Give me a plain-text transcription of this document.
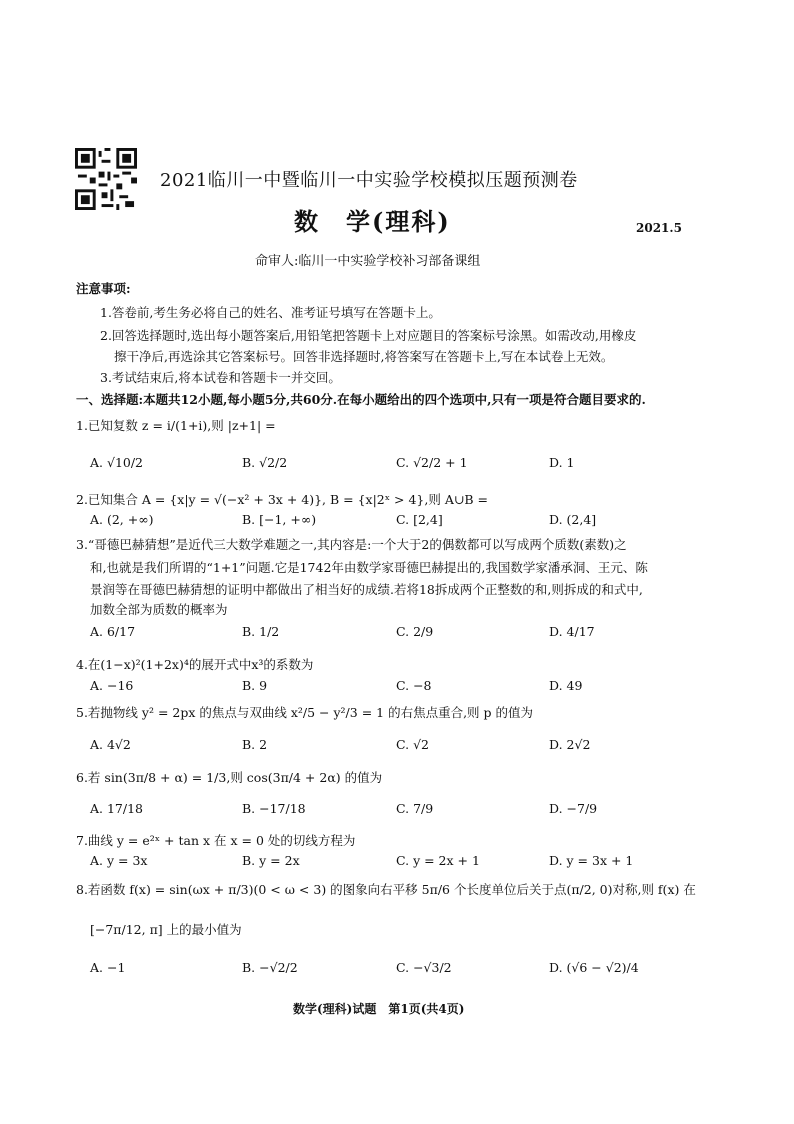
2021临川一中暨临川一中实验学校模拟压题预测卷
数　学(理科)	2021.5
命审人:临川一中实验学校补习部备课组
注意事项:
1.答卷前,考生务必将自己的姓名、准考证号填写在答题卡上。
2.回答选择题时,选出每小题答案后,用铅笔把答题卡上对应题目的答案标号涂黑。如需改动,用橡皮
擦干净后,再选涂其它答案标号。回答非选择题时,将答案写在答题卡上,写在本试卷上无效。
3.考试结束后,将本试卷和答题卡一并交回。
一、选择题:本题共12小题,每小题5分,共60分.在每小题给出的四个选项中,只有一项是符合题目要求的.
1.已知复数 z = i/(1+i),则 |z+1| =
A. √10/2	B. √2/2	C. √2/2 + 1	D. 1
2.已知集合 A = {x|y = √(−x² + 3x + 4)}, B = {x|2ˣ > 4},则 A∪B =
A. (2, +∞)	B. [−1, +∞)	C. [2,4]	D. (2,4]
3.“哥德巴赫猜想”是近代三大数学难题之一,其内容是:一个大于2的偶数都可以写成两个质数(素数)之
和,也就是我们所谓的“1+1”问题.它是1742年由数学家哥德巴赫提出的,我国数学家潘承洞、王元、陈
景润等在哥德巴赫猜想的证明中都做出了相当好的成绩.若将18拆成两个正整数的和,则拆成的和式中,
加数全部为质数的概率为
A. 6/17	B. 1/2	C. 2/9	D. 4/17
4.在(1−x)²(1+2x)⁴的展开式中x³的系数为
A. −16	B. 9	C. −8	D. 49
5.若抛物线 y² = 2px 的焦点与双曲线 x²/5 − y²/3 = 1 的右焦点重合,则 p 的值为
A. 4√2	B. 2	C. √2	D. 2√2
6.若 sin(3π/8 + α) = 1/3,则 cos(3π/4 + 2α) 的值为
A. 17/18	B. −17/18	C. 7/9	D. −7/9
7.曲线 y = e²ˣ + tan x 在 x = 0 处的切线方程为
A. y = 3x	B. y = 2x	C. y = 2x + 1	D. y = 3x + 1
8.若函数 f(x) = sin(ωx + π/3)(0 < ω < 3) 的图象向右平移 5π/6 个长度单位后关于点(π/2, 0)对称,则 f(x) 在
[−7π/12, π] 上的最小值为
A. −1	B. −√2/2	C. −√3/2	D. (√6 − √2)/4
数学(理科)试题　第1页(共4页)
